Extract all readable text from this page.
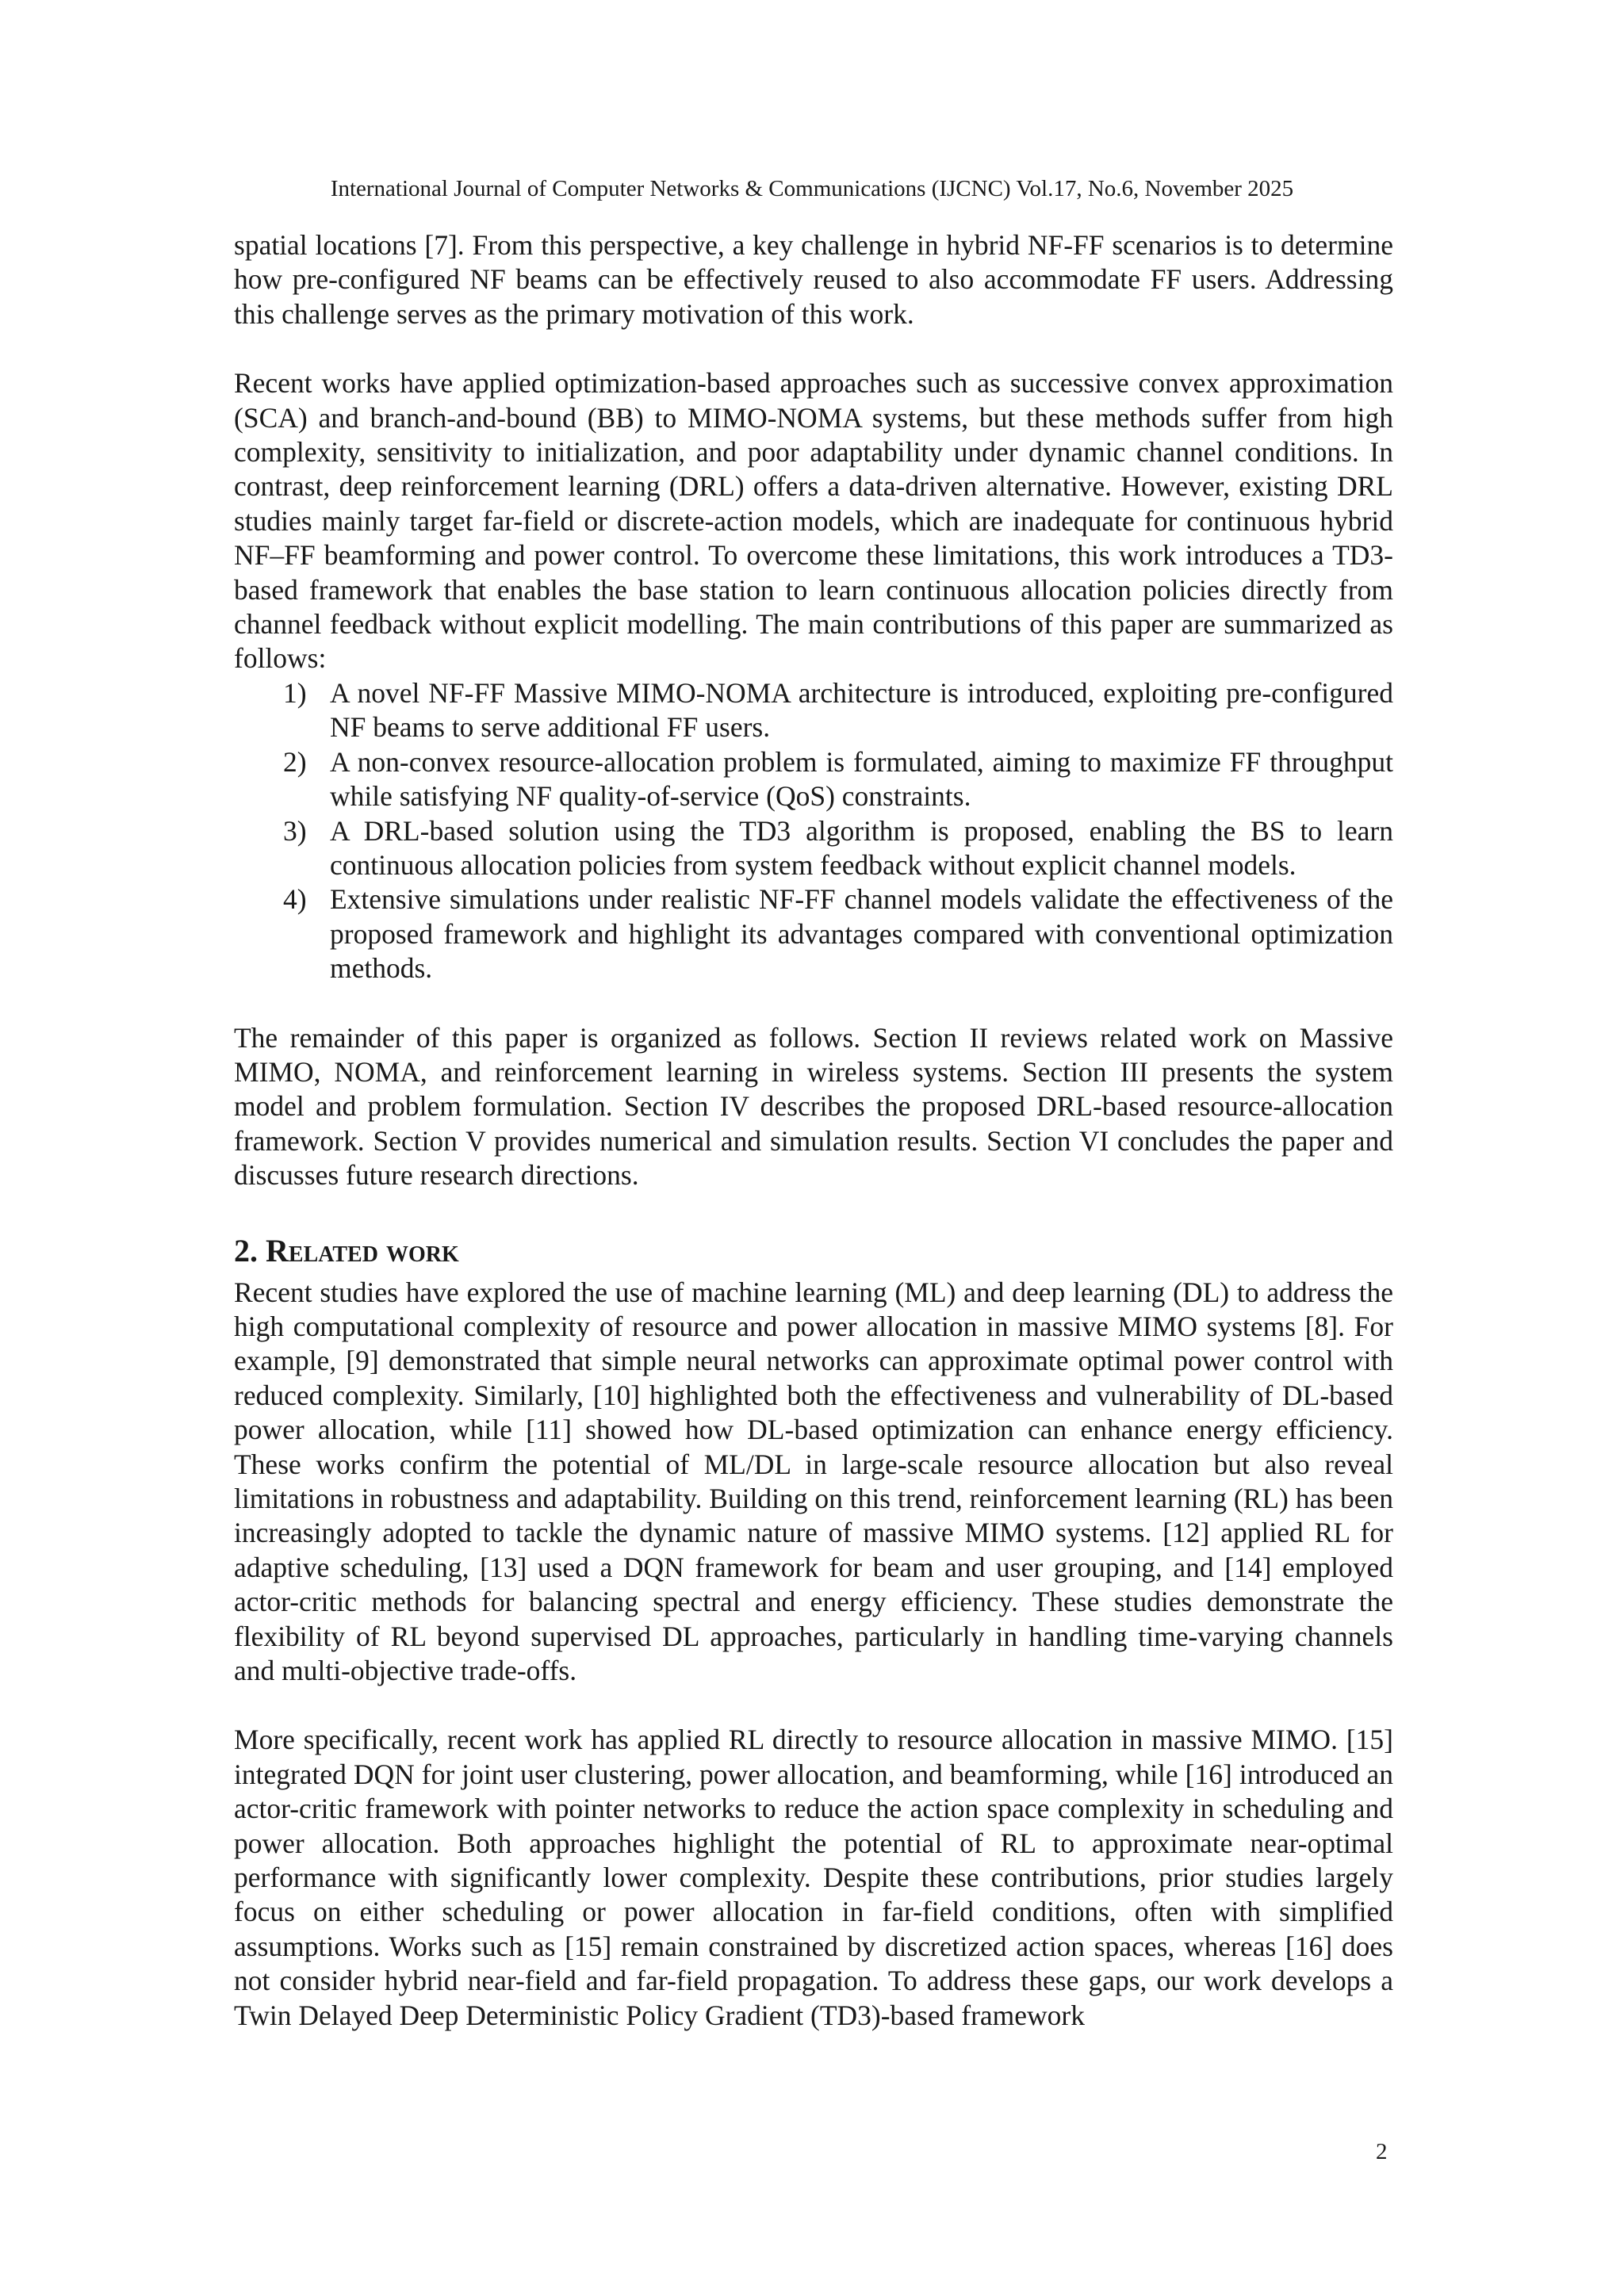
International Journal of Computer Networks & Communications (IJCNC) Vol.17, No.6, November 2025

spatial locations [7]. From this perspective, a key challenge in hybrid NF-FF scenarios is to determine how pre-configured NF beams can be effectively reused to also accommodate FF users. Addressing this challenge serves as the primary motivation of this work.

Recent works have applied optimization-based approaches such as successive convex approximation (SCA) and branch-and-bound (BB) to MIMO-NOMA systems, but these methods suffer from high complexity, sensitivity to initialization, and poor adaptability under dynamic channel conditions. In contrast, deep reinforcement learning (DRL) offers a data-driven alternative. However, existing DRL studies mainly target far-field or discrete-action models, which are inadequate for continuous hybrid NF–FF beamforming and power control. To overcome these limitations, this work introduces a TD3-based framework that enables the base station to learn continuous allocation policies directly from channel feedback without explicit modelling. The main contributions of this paper are summarized as follows:

1) A novel NF-FF Massive MIMO-NOMA architecture is introduced, exploiting pre-configured NF beams to serve additional FF users.
2) A non-convex resource-allocation problem is formulated, aiming to maximize FF throughput while satisfying NF quality-of-service (QoS) constraints.
3) A DRL-based solution using the TD3 algorithm is proposed, enabling the BS to learn continuous allocation policies from system feedback without explicit channel models.
4) Extensive simulations under realistic NF-FF channel models validate the effectiveness of the proposed framework and highlight its advantages compared with conventional optimization methods.

The remainder of this paper is organized as follows. Section II reviews related work on Massive MIMO, NOMA, and reinforcement learning in wireless systems. Section III presents the system model and problem formulation. Section IV describes the proposed DRL-based resource-allocation framework. Section V provides numerical and simulation results. Section VI concludes the paper and discusses future research directions.

2. Related work

Recent studies have explored the use of machine learning (ML) and deep learning (DL) to address the high computational complexity of resource and power allocation in massive MIMO systems [8]. For example, [9] demonstrated that simple neural networks can approximate optimal power control with reduced complexity. Similarly, [10] highlighted both the effectiveness and vulnerability of DL-based power allocation, while [11] showed how DL-based optimization can enhance energy efficiency. These works confirm the potential of ML/DL in large-scale resource allocation but also reveal limitations in robustness and adaptability. Building on this trend, reinforcement learning (RL) has been increasingly adopted to tackle the dynamic nature of massive MIMO systems. [12] applied RL for adaptive scheduling, [13] used a DQN framework for beam and user grouping, and [14] employed actor-critic methods for balancing spectral and energy efficiency. These studies demonstrate the flexibility of RL beyond supervised DL approaches, particularly in handling time-varying channels and multi-objective trade-offs.

More specifically, recent work has applied RL directly to resource allocation in massive MIMO. [15] integrated DQN for joint user clustering, power allocation, and beamforming, while [16] introduced an actor-critic framework with pointer networks to reduce the action space complexity in scheduling and power allocation. Both approaches highlight the potential of RL to approximate near-optimal performance with significantly lower complexity. Despite these contributions, prior studies largely focus on either scheduling or power allocation in far-field conditions, often with simplified assumptions. Works such as [15] remain constrained by discretized action spaces, whereas [16] does not consider hybrid near-field and far-field propagation. To address these gaps, our work develops a Twin Delayed Deep Deterministic Policy Gradient (TD3)-based framework

2
